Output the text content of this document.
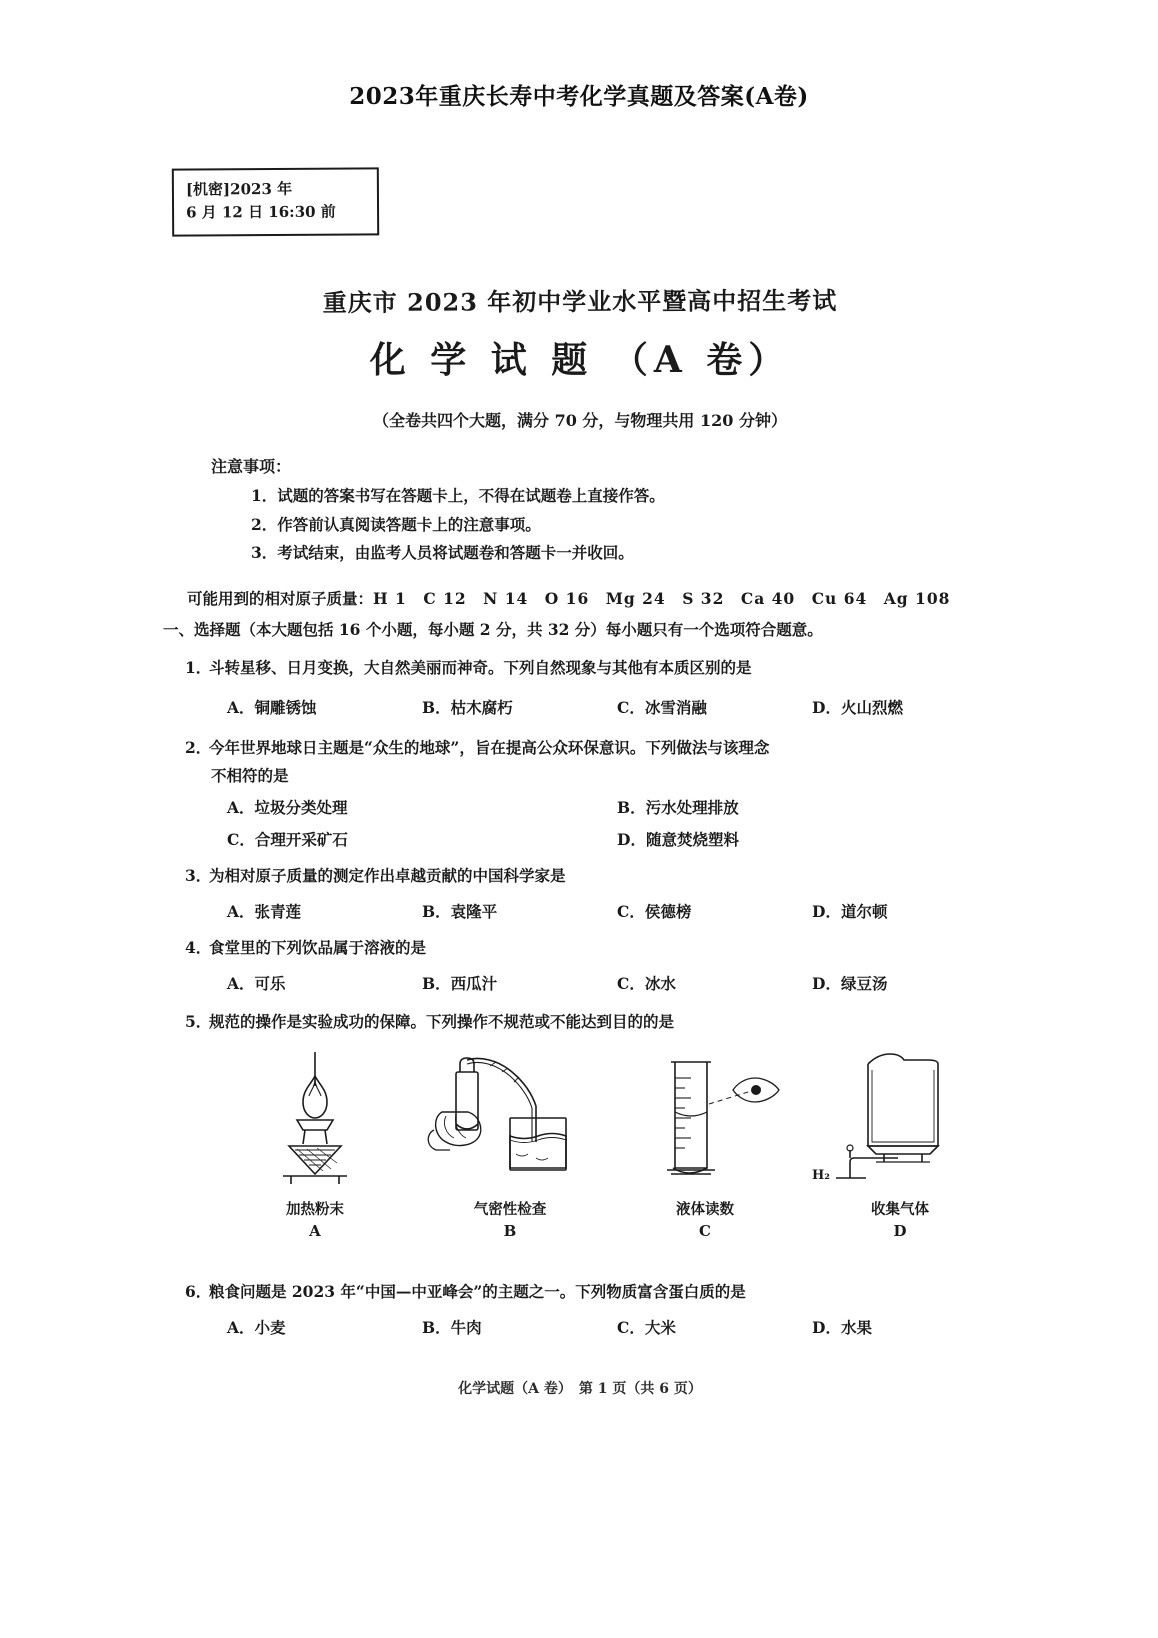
2023年重庆长寿中考化学真题及答案(A卷)
[机密]2023 年
6 月 12 日 16:30 前
重庆市 2023 年初中学业水平暨高中招生考试
化 学 试 题 （A 卷）
（全卷共四个大题，满分 70 分，与物理共用 120 分钟）
注意事项：
1．试题的答案书写在答题卡上，不得在试题卷上直接作答。
2．作答前认真阅读答题卡上的注意事项。
3．考试结束，由监考人员将试题卷和答题卡一并收回。
可能用到的相对原子质量：H 1　C 12　N 14　O 16　Mg 24　S 32　Ca 40　Cu 64　Ag 108
一、选择题（本大题包括 16 个小题，每小题 2 分，共 32 分）每小题只有一个选项符合题意。
1．斗转星移、日月变换，大自然美丽而神奇。下列自然现象与其他有本质区别的是
A．铜雕锈蚀	B．枯木腐朽	C．冰雪消融	D．火山烈燃
2．今年世界地球日主题是“众生的地球”，旨在提高公众环保意识。下列做法与该理念
不相符的是
A．垃圾分类处理	B．污水处理排放
C．合理开采矿石	D．随意焚烧塑料
3．为相对原子质量的测定作出卓越贡献的中国科学家是
A．张青莲	B．袁隆平	C．侯德榜	D．道尔顿
4．食堂里的下列饮品属于溶液的是
A．可乐	B．西瓜汁	C．冰水	D．绿豆汤
5．规范的操作是实验成功的保障。下列操作不规范或不能达到目的的是
加热粉末
A
气密性检查
B
液体读数
C
H₂
收集气体
D
6．粮食问题是 2023 年“中国—中亚峰会”的主题之一。下列物质富含蛋白质的是
A．小麦	B．牛肉	C．大米	D．水果
化学试题（A 卷）　第 1 页（共 6 页）
